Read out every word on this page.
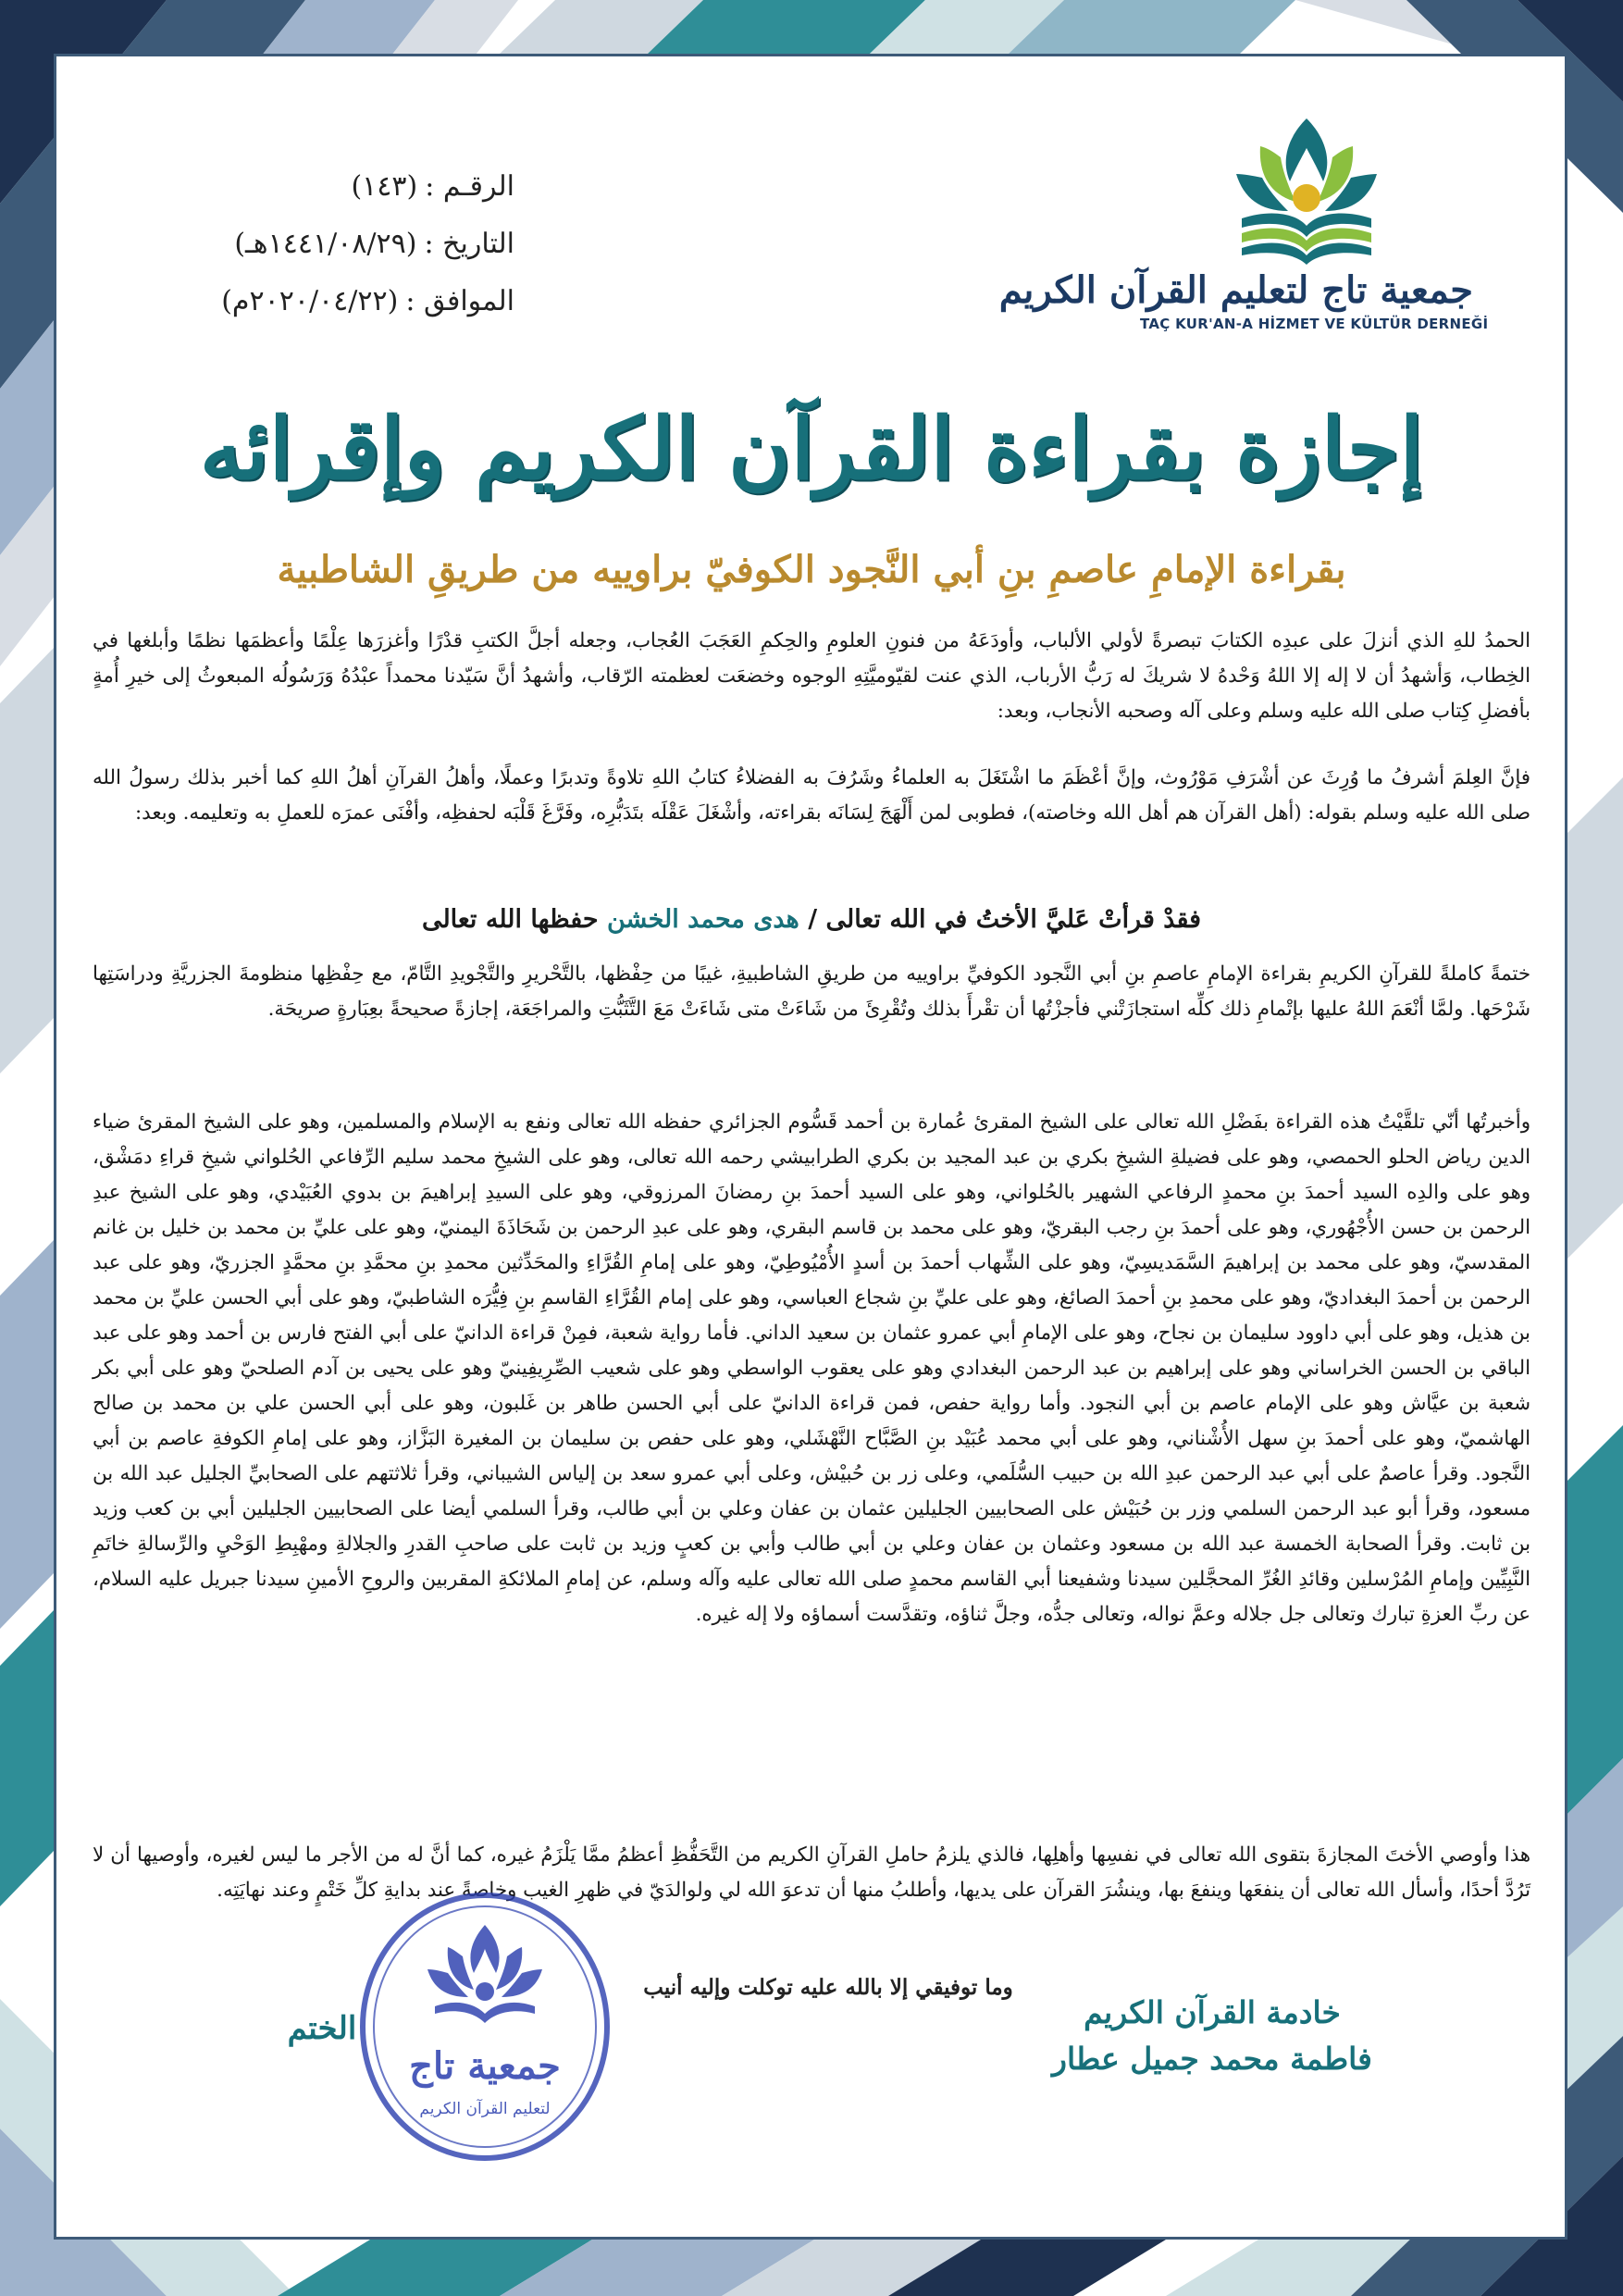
الرقـم :
(١٤٣)
التاريخ :
(١٤٤١/٠٨/٢٩هـ)
الموافق :
(٢٠٢٠/٠٤/٢٢م)	جمعية تاج لتعليم القرآن الكريم
TAÇ KUR'AN-A HİZMET VE KÜLTÜR DERNEĞİ
إجازة بقراءة القرآن الكريم وإقرائه
بقراءة الإمامِ عاصمِ بنِ أبي النَّجود الكوفيّ براوييه من طريقِ الشاطبية
الحمدُ للهِ الذي أنزلَ على عبدِه الكتابَ تبصرةً لأولي الألباب، وأودَعَهُ من فنونِ العلومِ والحِكمِ العَجَبَ العُجاب، وجعله أجلَّ الكتبِ قدْرًا وأغزرَها عِلْمًا وأعظمَها نظمًا وأبلغها في الخِطاب، وَأشهدُ أن لا إله إلا اللهُ وَحْدهُ لا شريكَ له رَبُّ الأرباب، الذي عنت لقيّوميَّتِهِ الوجوه وخضعَت لعظمته الرّقاب، وأشهدُ أنَّ سَيّدنا محمداً عبْدُهُ وَرَسُولُه المبعوثُ إلى خيرِ أُمةٍ بأفضلِ كِتاب صلى الله عليه وسلم وعلى آله وصحبه الأنجاب، وبعد:
فإنَّ العِلمَ أشرفُ ما وُرِثَ عن أشْرَفِ مَوْرُوث، وإنَّ أعْظَمَ ما اشْتَغَلَ به العلماءُ وشَرُفَ به الفضلاءُ كتابُ اللهِ تلاوةً وتدبرًا وعملًا، وأهلُ القرآنِ أهلُ اللهِ كما أخبر بذلك رسولُ الله صلى الله عليه وسلم بقوله: (أهل القرآن هم أهل الله وخاصته)، فطوبى لمن أَلْهَجَ لِسَانَه بقراءته، وأشْغَلَ عَقْلَه بتَدَبُّرِه، وفَرَّغَ قَلْبَه لحفظِه، وأفْنَى عمرَه للعملِ به وتعليمه. وبعد:
فقدْ قرأتْ عَليَّ الأختُ في الله تعالى / هدى محمد الخشن حفظها الله تعالى
ختمةً كاملةً للقرآنِ الكريمِ بقراءة الإمامِ عاصمِ بنِ أبي النَّجود الكوفيِّ براوييه من طريقِ الشاطبيةِ، غيبًا من حِفْظها، بالتَّحْريرِ والتَّجْويدِ التَّامّ، مع حِفْظِها منظومةَ الجزريَّةِ ودراسَتِها شَرْحَها. ولمَّا أنْعَمَ اللهُ عليها بإتْمامِ ذلك كلِّه استجازَتْني فأجزْتُها أن تقْرأَ بذلك وتُقْرِئَ من شَاءَتْ متى شَاءَتْ مَعَ التَّثَبُّتِ والمراجَعَة، إجازةً صحيحةً بعِبَارةٍ صريحَة.
وأخبرتُها أنّي تلقَّيْتُ هذه القراءة بفَضْلِ الله تعالى على الشيخ المقرئ عُمارة بن أحمد قَسُّوم الجزائري حفظه الله تعالى ونفع به الإسلام والمسلمين، وهو على الشيخ المقرئ ضياء الدين رياض الحلو الحمصي، وهو على فضيلةِ الشيخِ بكري بن عبد المجيد بن بكري الطرابيشي رحمه الله تعالى، وهو على الشيخِ محمد سليم الرِّفاعي الحُلواني شيخِ قراءِ دمَشْق، وهو على والدِه السيد أحمدَ بنِ محمدٍ الرفاعي الشهير بالحُلواني، وهو على السيد أحمدَ بنِ رمضانَ المرزوقي، وهو على السيدِ إبراهيمَ بن بدوي العُبَيْدي، وهو على الشيخ عبدِ الرحمن بن حسن الأُجْهُوري، وهو على أحمدَ بنِ رجب البقريّ، وهو على محمد بن قاسم البقري، وهو على عبدِ الرحمن بن شَحَاذَةَ اليمنيّ، وهو على عليِّ بن محمد بن خليل بن غانم المقدسيّ، وهو على محمد بن إبراهيمَ السَّمَديسِيّ، وهو على الشِّهاب أحمدَ بن أسدٍ الأُمْيُوطِيّ، وهو على إمامِ القُرَّاءِ والمحَدِّثين محمدِ بنِ محمَّدِ بنِ محمَّدٍ الجزريّ، وهو على عبد الرحمن بن أحمدَ البغداديّ، وهو على محمدِ بنِ أحمدَ الصائغ، وهو على عليِّ بنِ شجاع العباسي، وهو على إمام القُرَّاءِ القاسمِ بنِ فِيُّرَه الشاطبيّ، وهو على أبي الحسن عليِّ بن محمد بن هذيل، وهو على أبي داوود سليمان بن نجاح، وهو على الإمامِ أبي عمرو عثمان بن سعيد الداني. فأما رواية شعبة، فمِنْ قراءة الدانيّ على أبي الفتح فارس بن أحمد وهو على عبد الباقي بن الحسن الخراساني وهو على إبراهيم بن عبد الرحمن البغدادي وهو على يعقوب الواسطي وهو على شعيب الصِّرِيفِينيّ وهو على يحيى بن آدم الصلحيّ وهو على أبي بكر شعبة بن عيَّاش وهو على الإمام عاصم بن أبي النجود. وأما رواية حفص، فمن قراءة الدانيّ على أبي الحسن طاهر بن غَلبون، وهو على أبي الحسن علي بن محمد بن صالح الهاشميّ، وهو على أحمدَ بنِ سهل الأُشْناني، وهو على أبي محمد عُبَيْد بنِ الصَّبَّاح النَّهْشَلي، وهو على حفص بن سليمان بن المغيرة البَزَّاز، وهو على إمامِ الكوفةِ عاصم بن أبي النَّجود. وقرأ عاصمٌ على أبي عبد الرحمن عبدِ الله بن حبيب السُّلَمي، وعلى زر بن حُبيْش، وعلى أبي عمرو سعد بن إلياس الشيباني، وقرأ ثلاثتهم على الصحابيِّ الجليل عبد الله بن مسعود، وقرأ أبو عبد الرحمن السلمي وزر بن حُبَيْش على الصحابيين الجليلين عثمان بن عفان وعلي بن أبي طالب، وقرأ السلمي أيضا على الصحابيين الجليلين أبي بن كعب وزيد بن ثابت. وقرأ الصحابة الخمسة عبد الله بن مسعود وعثمان بن عفان وعلي بن أبي طالب وأبي بن كعبٍ وزيد بن ثابت على صاحبِ القدرِ والجلالةِ ومهْبِطِ الوَحْيِ والرِّسالةِ خاتَمِ النَّبِيِّين وإمامِ المُرْسلين وقائدِ الغُرِّ المحجَّلين سيدنا وشفيعنا أبي القاسم محمدٍ صلى الله تعالى عليه وآله وسلم، عن إمامِ الملائكةِ المقربين والروحِ الأمينِ سيدنا جبريل عليه السلام، عن ربِّ العزةِ تبارك وتعالى جل جلاله وعمَّ نواله، وتعالى جدُّه، وجلَّ ثناؤه، وتقدَّست أسماؤه ولا إله غيره.
هذا وأوصي الأختَ المجازةَ بتقوى الله تعالى في نفسِها وأهلِها، فالذي يلزمُ حاملِ القرآنِ الكريم من التَّحَفُّظِ أعظمُ ممَّا يَلْزَمُ غيره، كما أنَّ له من الأجر ما ليس لغيره، وأوصيها أن لا تَرُدَّ أحدًا، وأسأل الله تعالى أن ينفعَها وينفعَ بها، وينشُرَ القرآن على يديها، وأطلبُ منها أن تدعوَ الله لي ولوالدَيّ في ظهرِ الغيب وخاصةً عند بدايةِ كلِّ خَتْمٍ وعند نهايَتِه.
وما توفيقي إلا بالله عليه توكلت وإليه أنيب
خادمة القرآن الكريم
فاطمة محمد جميل عطار
الختم
جمعية تاج
لتعليم القرآن الكريم
